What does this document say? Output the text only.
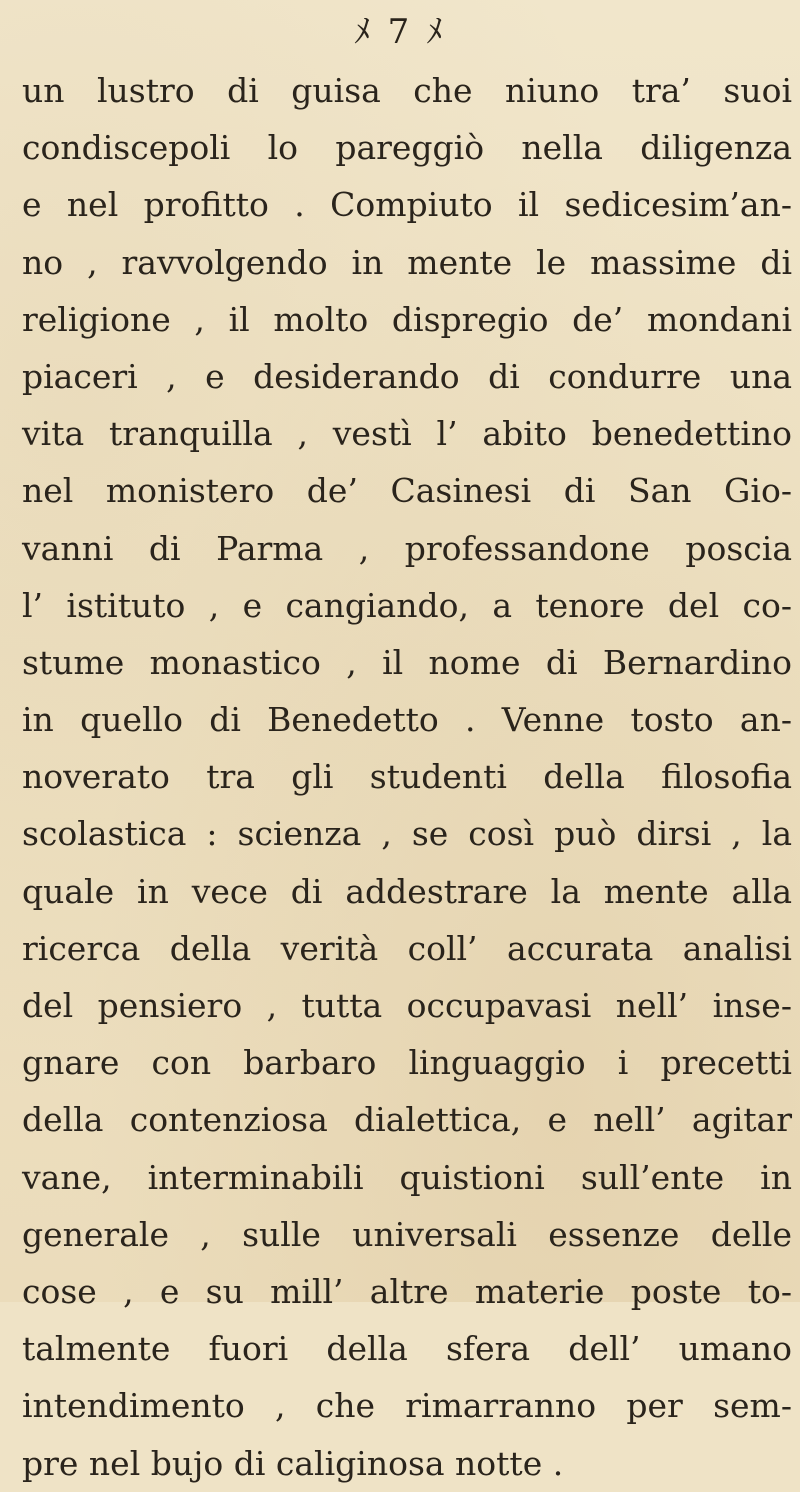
ﾒ 7 ﾒ
un lustro di guisa che niuno tra’ suoi
condiscepoli lo pareggiò nella diligenza
e nel profitto . Compiuto il sedicesim’an-
no , ravvolgendo in mente le massime di
religione , il molto dispregio de’ mondani
piaceri , e desiderando di condurre una
vita tranquilla , vestì l’ abito benedettino
nel monistero de’ Casinesi di San Gio-
vanni di Parma , professandone poscia
l’ istituto , e cangiando, a tenore del co-
stume monastico , il nome di Bernardino
in quello di Benedetto . Venne tosto an-
noverato tra gli studenti della filosofia
scolastica : scienza , se così può dirsi , la
quale in vece di addestrare la mente alla
ricerca della verità coll’ accurata analisi
del pensiero , tutta occupavasi nell’ inse-
gnare con barbaro linguaggio i precetti
della contenziosa dialettica, e nell’ agitar
vane, interminabili quistioni sull’ente in
generale , sulle universali essenze delle
cose , e su mill’ altre materie poste to-
talmente fuori della sfera dell’ umano
intendimento , che rimarranno per sem-
pre nel bujo di caliginosa notte .
